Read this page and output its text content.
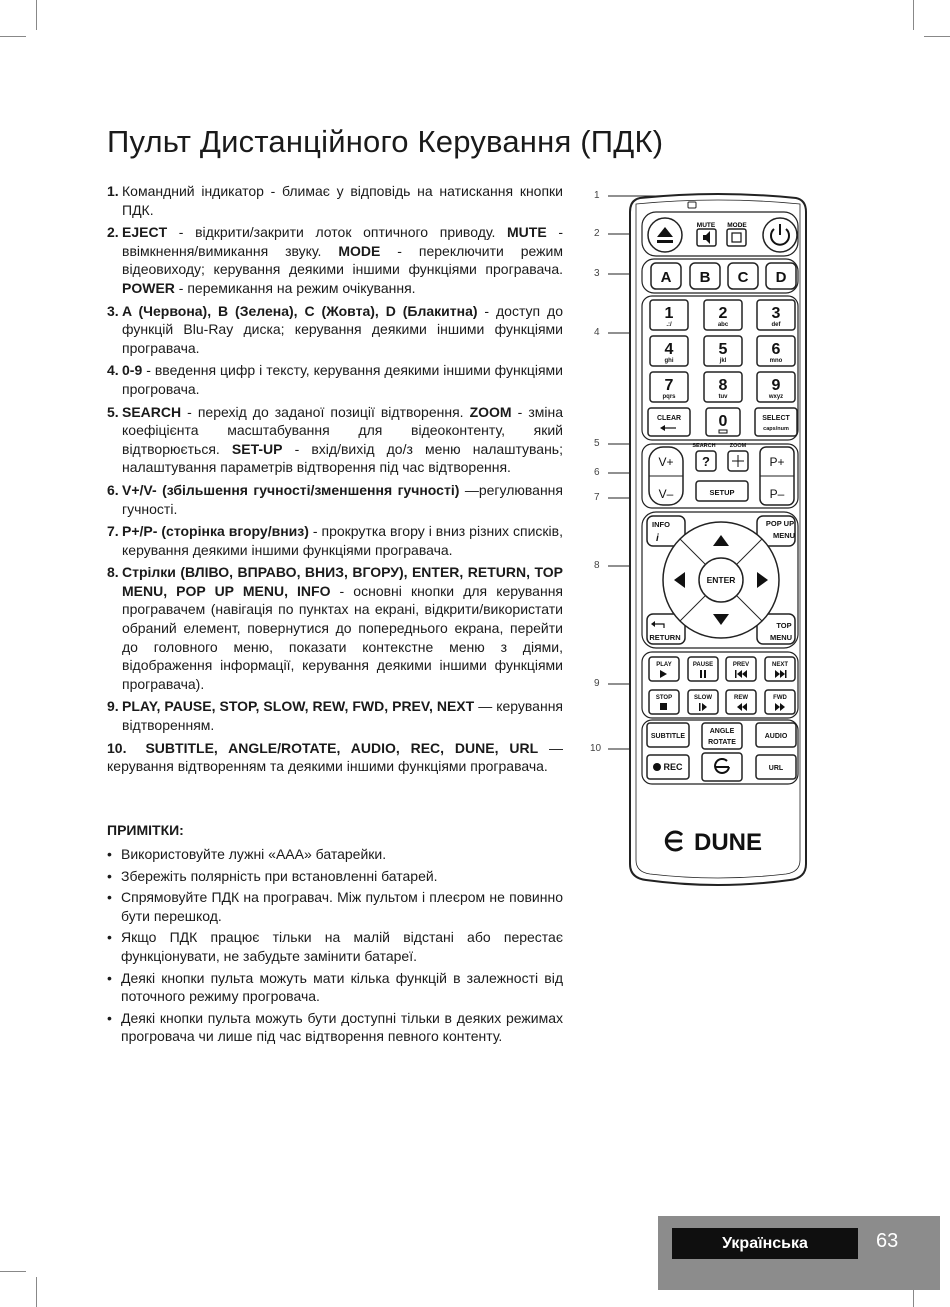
Пульт Дистанційного Керування (ПДК)
1. Командний індикатор - блимає у відповідь на натискання кнопки ПДК.
2. EJECT - відкрити/закрити лоток оптичного приводу. MUTE - ввімкнення/вимикання звуку. MODE - переключити режим відеовиходу; керування деякими іншими функціями програвача. POWER - перемикання на режим очікування.
3. A (Червона), B (Зелена), C (Жовта), D (Блакитна) - доступ до функцій Blu-Ray диска; керування деякими іншими функціями програвача.
4. 0-9 - введення цифр і тексту, керування деякими іншими функціями прогровача.
5. SEARCH - перехід до заданої позиції відтворення. ZOOM - зміна коефіцієнта масштабування для відеоконтенту, який відтворюється. SET-UP - вхід/вихід до/з меню налаштувань; налаштування параметрів відтворення під час відтворення.
6. V+/V- (збільшення гучності/зменшення гучності) —регулювання гучності.
7. P+/P- (сторінка вгору/вниз) - прокрутка вгору і вниз різних списків, керування деякими іншими функціями програвача.
8. Стрілки (ВЛІВО, ВПРАВО, ВНИЗ, ВГОРУ), ENTER, RETURN, TOP MENU, POP UP MENU, INFO - основні кнопки для керування програвачем (навігація по пунктах на екрані, відкрити/використати обраний елемент, повернутися до попереднього екрана, перейти до головного меню, показати контекстне меню з діями, відображення інформації, керування деякими іншими функціями програвача).
9. PLAY, PAUSE, STOP, SLOW, REW, FWD, PREV, NEXT — керування відтворенням.
10. SUBTITLE, ANGLE/ROTATE, AUDIO, REC, DUNE, URL — керування відтворенням та деякими іншими функціями програвача.
ПРИМІТКИ:
• Використовуйте лужні «ААА» батарейки.
• Збережіть полярність при встановленні батарей.
• Спрямовуйте ПДК на програвач. Між пультом і плеєром не повинно бути перешкод.
• Якщо ПДК працює тільки на малій відстані або перестає функціонувати, не забудьте замінити батареї.
• Деякі кнопки пульта можуть мати кілька функцій в залежності від поточного режиму прогровача.
• Деякі кнопки пульта можуть бути доступні тільки в деяких режимах прогровача чи лише під час відтворення певного контенту.
1
2
3
4
5
6
7
8
9
10
MUTE MODE
A B C D
1	2	3
4	5	6
7	8	9
0
.:/	abc	def
ghi	jkl	mno
pqrs	tuv	wxyz
CLEAR	SELECT
caps/num
SEARCH	ZOOM
SETUP
V+
V–
P+
P–
?
ENTER
INFO	POP UP
MENU
RETURN
TOP
MENU
i
PLAY	PAUSE	PREV	NEXT
STOP	SLOW	REW	FWD
SUBTITLE
ANGLE
ROTATE
AUDIO
REC	URL
DUNE
Українська	63
